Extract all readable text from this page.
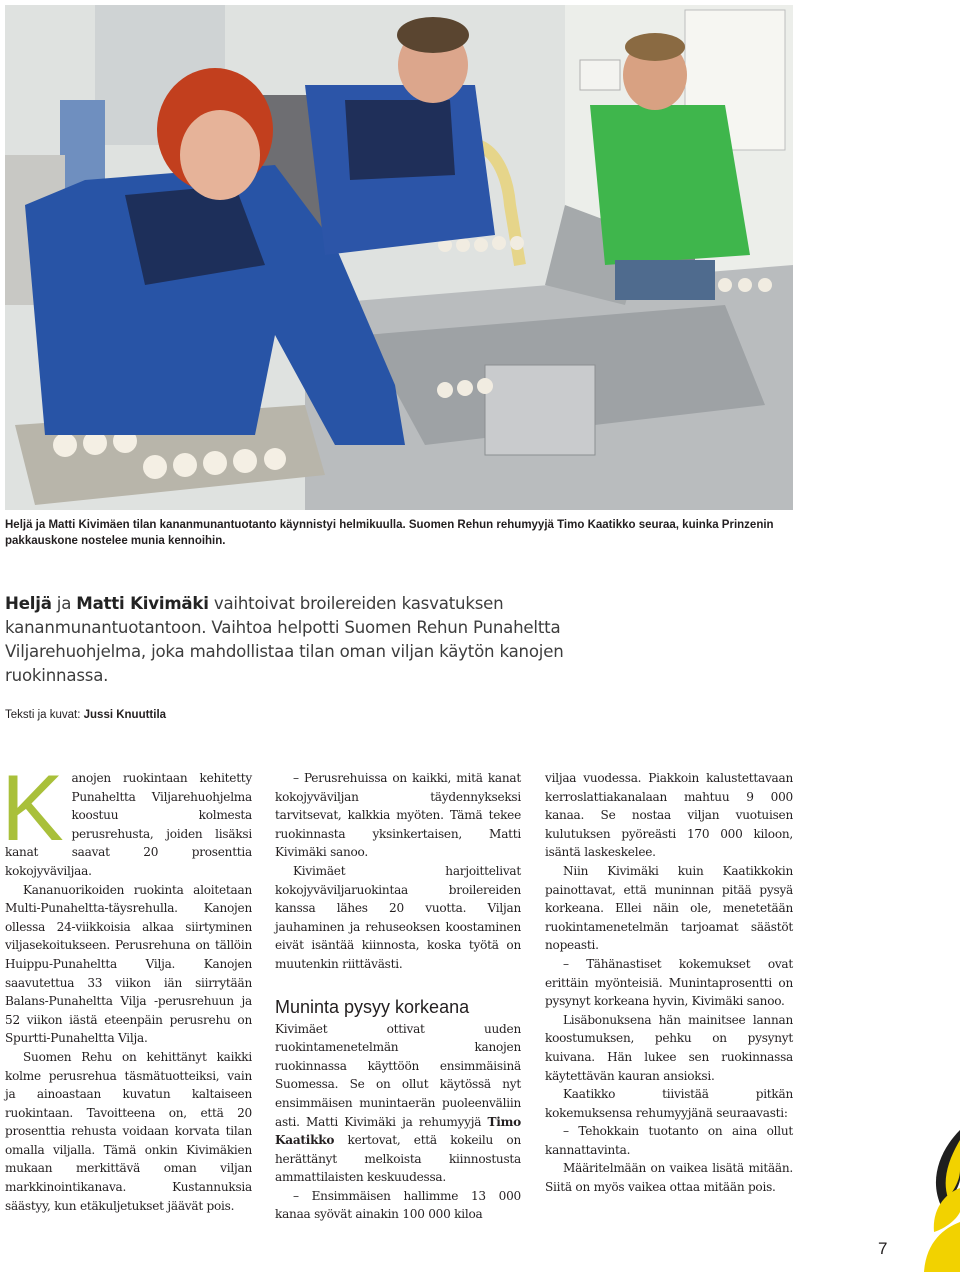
Heljä ja Matti Kivimäen tilan kananmunantuotanto käynnistyi helmikuulla. Suomen Rehun rehumyyjä Timo Kaatikko seuraa, kuinka Prinzenin pakkauskone nostelee munia kennoihin.
Heljä ja Matti Kivimäki vaihtoivat broilereiden kasvatuksen kananmunantuotantoon. Vaihtoa helpotti Suomen Rehun Punaheltta Viljarehuohjelma, joka mahdollistaa tilan oman viljan käytön kanojen ruokinnassa.
Teksti ja kuvat: Jussi Knuuttila
K anojen ruokintaan kehitetty Punaheltta Viljarehuohjelma koostuu kolmesta perusrehusta, joiden lisäksi kanat saavat 20 prosenttia kokojyväviljaa.

Kananuorikoiden ruokinta aloitetaan Multi-Punaheltta-täysrehulla. Kanojen ollessa 24-viikkoisia alkaa siirtyminen viljasekoitukseen. Perusrehuna on tällöin Huippu-Punaheltta Vilja. Kanojen saavutettua 33 viikon iän siirrytään Balans-Punaheltta Vilja -perusrehuun ja 52 viikon iästä eteenpäin perusrehu on Spurtti-Punaheltta Vilja.

Suomen Rehu on kehittänyt kaikki kolme perusrehua täsmätuotteiksi, vain ja ainoastaan kuvatun kaltaiseen ruokintaan. Tavoitteena on, että 20 prosenttia rehusta voidaan korvata tilan omalla viljalla. Tämä onkin Kivimäkien mukaan merkittävä oman viljan markkinointikanava. Kustannuksia säästyy, kun etäkuljetukset jäävät pois.

– Perusrehuissa on kaikki, mitä kanat kokojyväviljan täydennykseksi tarvitsevat, kalkkia myöten. Tämä tekee ruokinnasta yksinkertaisen, Matti Kivimäki sanoo.

Kivimäet harjoittelivat kokojyväviljaruokintaa broilereiden kanssa lähes 20 vuotta. Viljan jauhaminen ja rehuseoksen koostaminen eivät isäntää kiinnosta, koska työtä on muutenkin riittävästi.

Munintа pysyy korkeana

Kivimäet ottivat uuden ruokintamenetelmän kanojen ruokinnassa käyttöön ensimmäisinä Suomessa. Se on ollut käytössä nyt ensimmäisen munintaerän puoleenväliin asti. Matti Kivimäki ja rehumyyjä Timo Kaatikko kertovat, että kokeilu on herättänyt melkoista kiinnostusta ammattilaisten keskuudessa.

– Ensimmäisen hallimme 13 000 kanaa syövät ainakin 100 000 kiloa

viljaa vuodessa. Piakkoin kalustettavaan kerroslattiakanalaan mahtuu 9 000 kanaa. Se nostaa viljan vuotuisen kulutuksen pyöreästi 170 000 kiloon, isäntä laskeskelee.

Niin Kivimäki kuin Kaatikkokin painottavat, että muninnan pitää pysyä korkeana. Ellei näin ole, menetetään ruokintamenetelmän tarjoamat säästöt nopeasti.

– Tähänastiset kokemukset ovat erittäin myönteisiä. Munintaprosentti on pysynyt korkeana hyvin, Kivimäki sanoo.

Lisäbonuksena hän mainitsee lannan koostumuksen, pehku on pysynyt kuivana. Hän lukee sen ruokinnassa käytettävän kauran ansioksi.

Kaatikko tiivistää pitkän kokemuksensa rehumyyjänä seuraavasti:

– Tehokkain tuotanto on aina ollut kannattavinta.

Määritelmään on vaikea lisätä mitään. Siitä on myös vaikea ottaa mitään pois.

7
